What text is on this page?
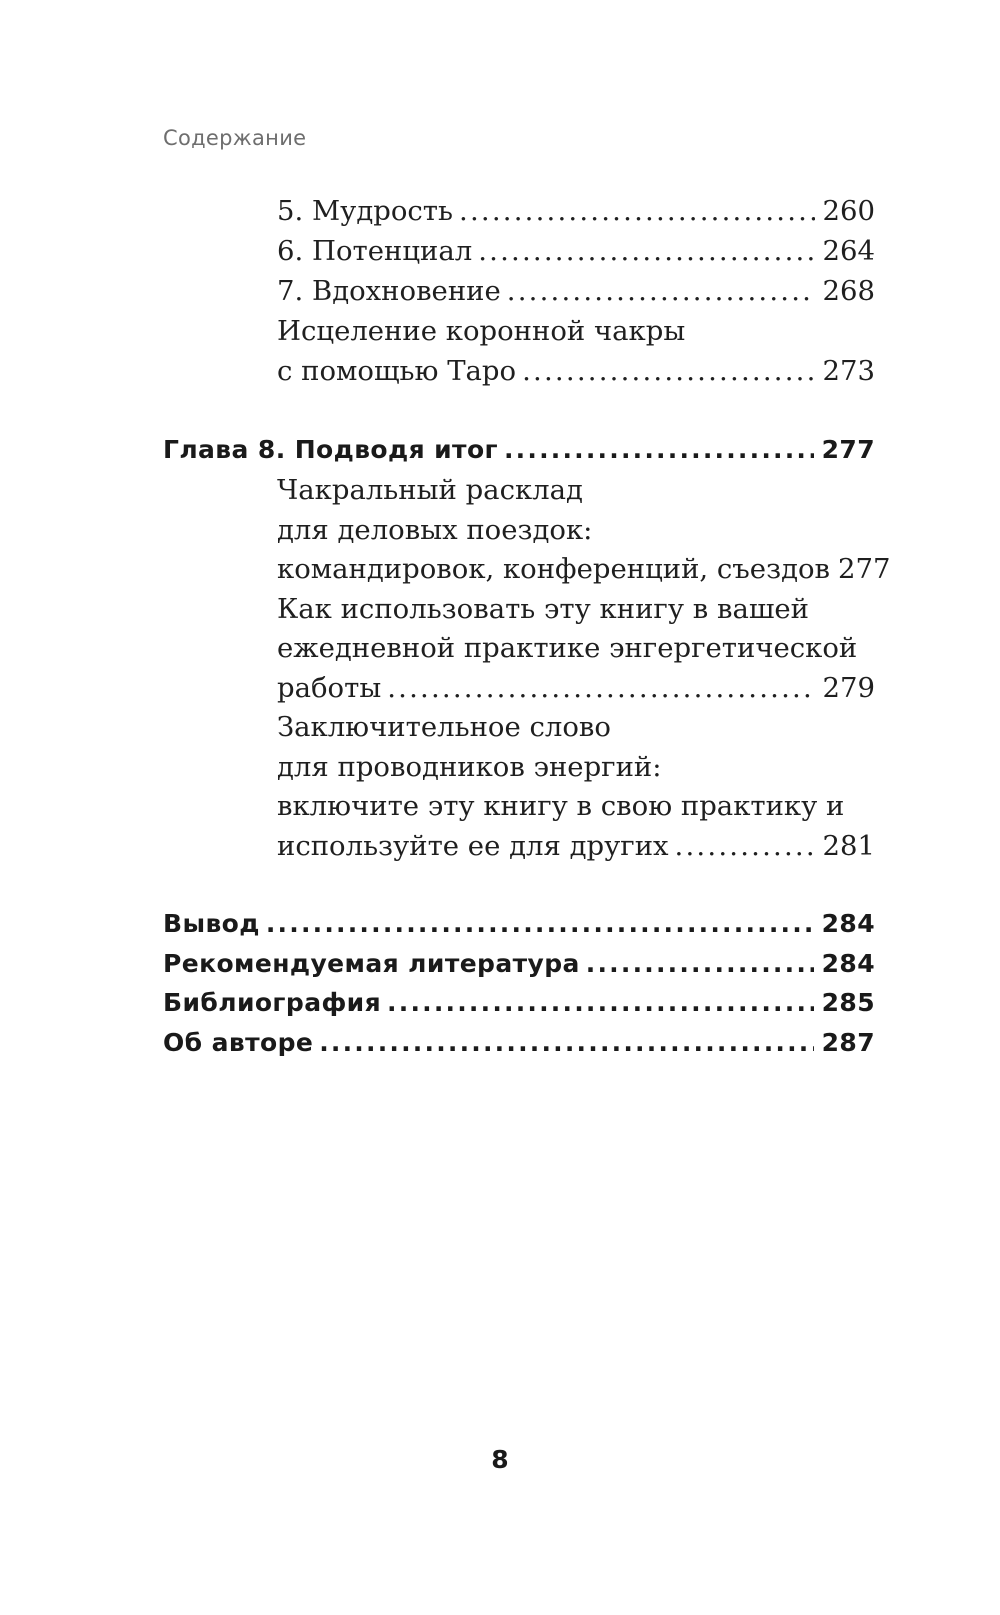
Содержание
5. Мудрость .....	260
6. Потенциал .....	264
7. Вдохновение .....	268
Исцеление коронной чакры
с помощью Таро .....	273
Глава 8. Подводя итог .....	277
Чакральный расклад
для деловых поездок:
командировок, конференций, съездов 277
Как использовать эту книгу в вашей
ежедневной практике энгергетической
работы .....	279
Заключительное слово
для проводников энергий:
включите эту книгу в свою практику и
используйте ее для других .....	281
Вывод .....	284
Рекомендуемая литература .....	284
Библиография .....	285
Об авторе .....	287
8
